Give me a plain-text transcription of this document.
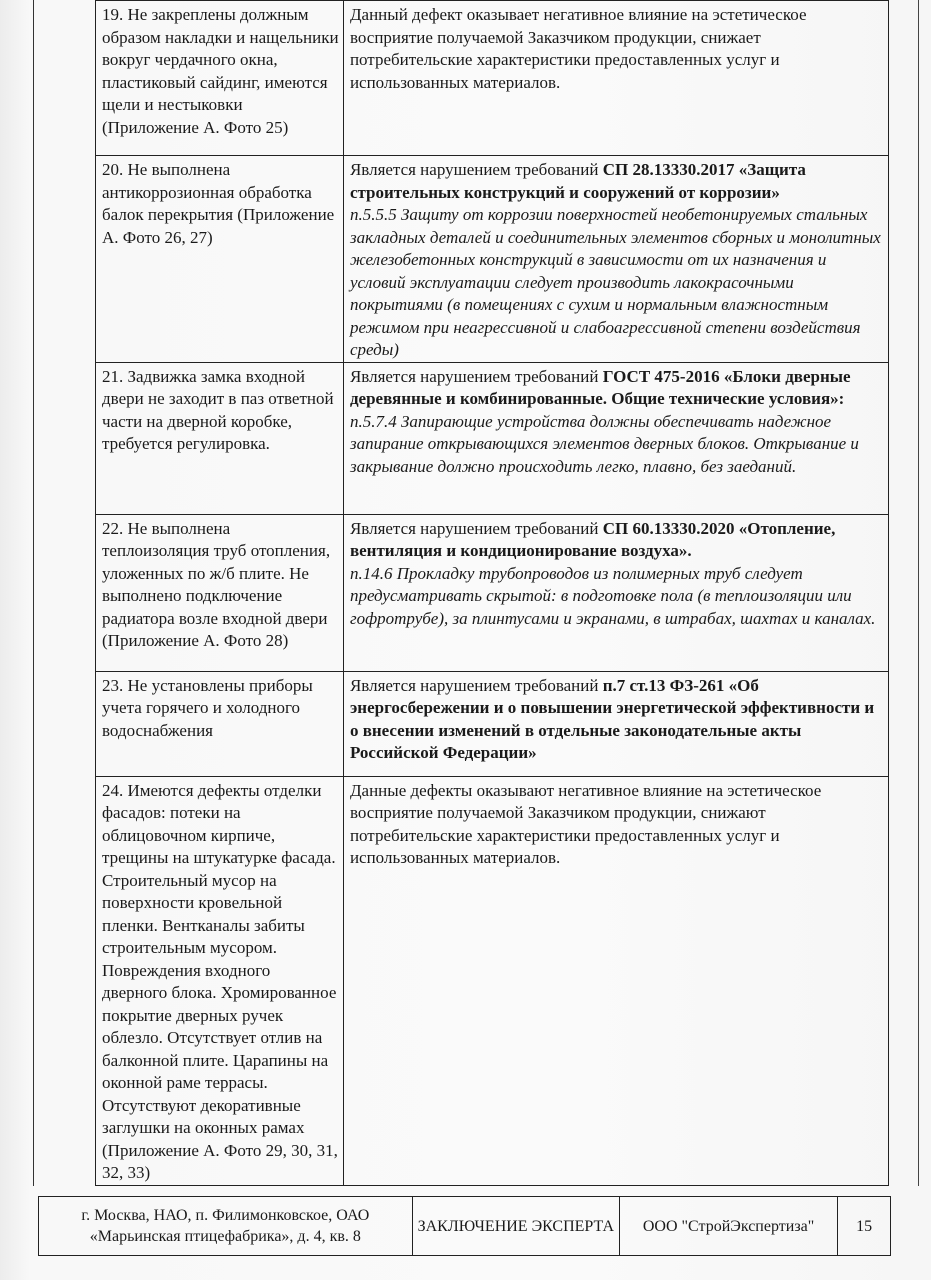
19. Не закреплены должным образом накладки и нащельники вокруг чердачного окна, пластиковый сайдинг, имеются щели и нестыковки (Приложение А. Фото 25)	Данный дефект оказывает негативное влияние на эстетическое восприятие получаемой Заказчиком продукции, снижает потребительские характеристики предоставленных услуг и использованных материалов.
20. Не выполнена антикоррозионная обработка балок перекрытия (Приложение А. Фото 26, 27)	Является нарушением требований СП 28.13330.2017 «Защита строительных конструкций и сооружений от коррозии»
п.5.5.5 Защиту от коррозии поверхностей необетонируемых стальных закладных деталей и соединительных элементов сборных и монолитных железобетонных конструкций в зависимости от их назначения и условий эксплуатации следует производить лакокрасочными покрытиями (в помещениях с сухим и нормальным влажностным режимом при неагрессивной и слабоагрессивной степени воздействия среды)

21. Задвижка замка входной двери не заходит в паз ответной части на дверной коробке, требуется регулировка.	Является нарушением требований ГОСТ 475-2016 «Блоки дверные деревянные и комбинированные. Общие технические условия»:
п.5.7.4 Запирающие устройства должны обеспечивать надежное запирание открывающихся элементов дверных блоков. Открывание и закрывание должно происходить легко, плавно, без заеданий.

22. Не выполнена теплоизоляция труб отопления, уложенных по ж/б плите. Не выполнено подключение радиатора возле входной двери (Приложение А. Фото 28)	Является нарушением требований СП 60.13330.2020 «Отопление, вентиляция и кондиционирование воздуха».
п.14.6 Прокладку трубопроводов из полимерных труб следует предусматривать скрытой: в подготовке пола (в теплоизоляции или гофротрубе), за плинтусами и экранами, в штрабах, шахтах и каналах.

23. Не установлены приборы учета горячего и холодного водоснабжения	Является нарушением требований п.7 ст.13 ФЗ-261 «Об энергосбережении и о повышении энергетической эффективности и о внесении изменений в отдельные законодательные акты Российской Федерации»
24. Имеются дефекты отделки фасадов: потеки на облицовочном кирпиче, трещины на штукатурке фасада. Строительный мусор на поверхности кровельной пленки. Вентканалы забиты строительным мусором. Повреждения входного дверного блока. Хромированное покрытие дверных ручек облезло. Отсутствует отлив на балконной плите. Царапины на оконной раме террасы. Отсутствуют декоративные заглушки на оконных рамах (Приложение А. Фото 29, 30, 31, 32, 33)	Данные дефекты оказывают негативное влияние на эстетическое восприятие получаемой Заказчиком продукции, снижают потребительские характеристики предоставленных услуг и использованных материалов.
г. Москва, НАО, п. Филимонковское, ОАО «Марьинская птицефабрика», д. 4, кв. 8
ЗАКЛЮЧЕНИЕ ЭКСПЕРТА	ООО "СтройЭкспертиза"	15
